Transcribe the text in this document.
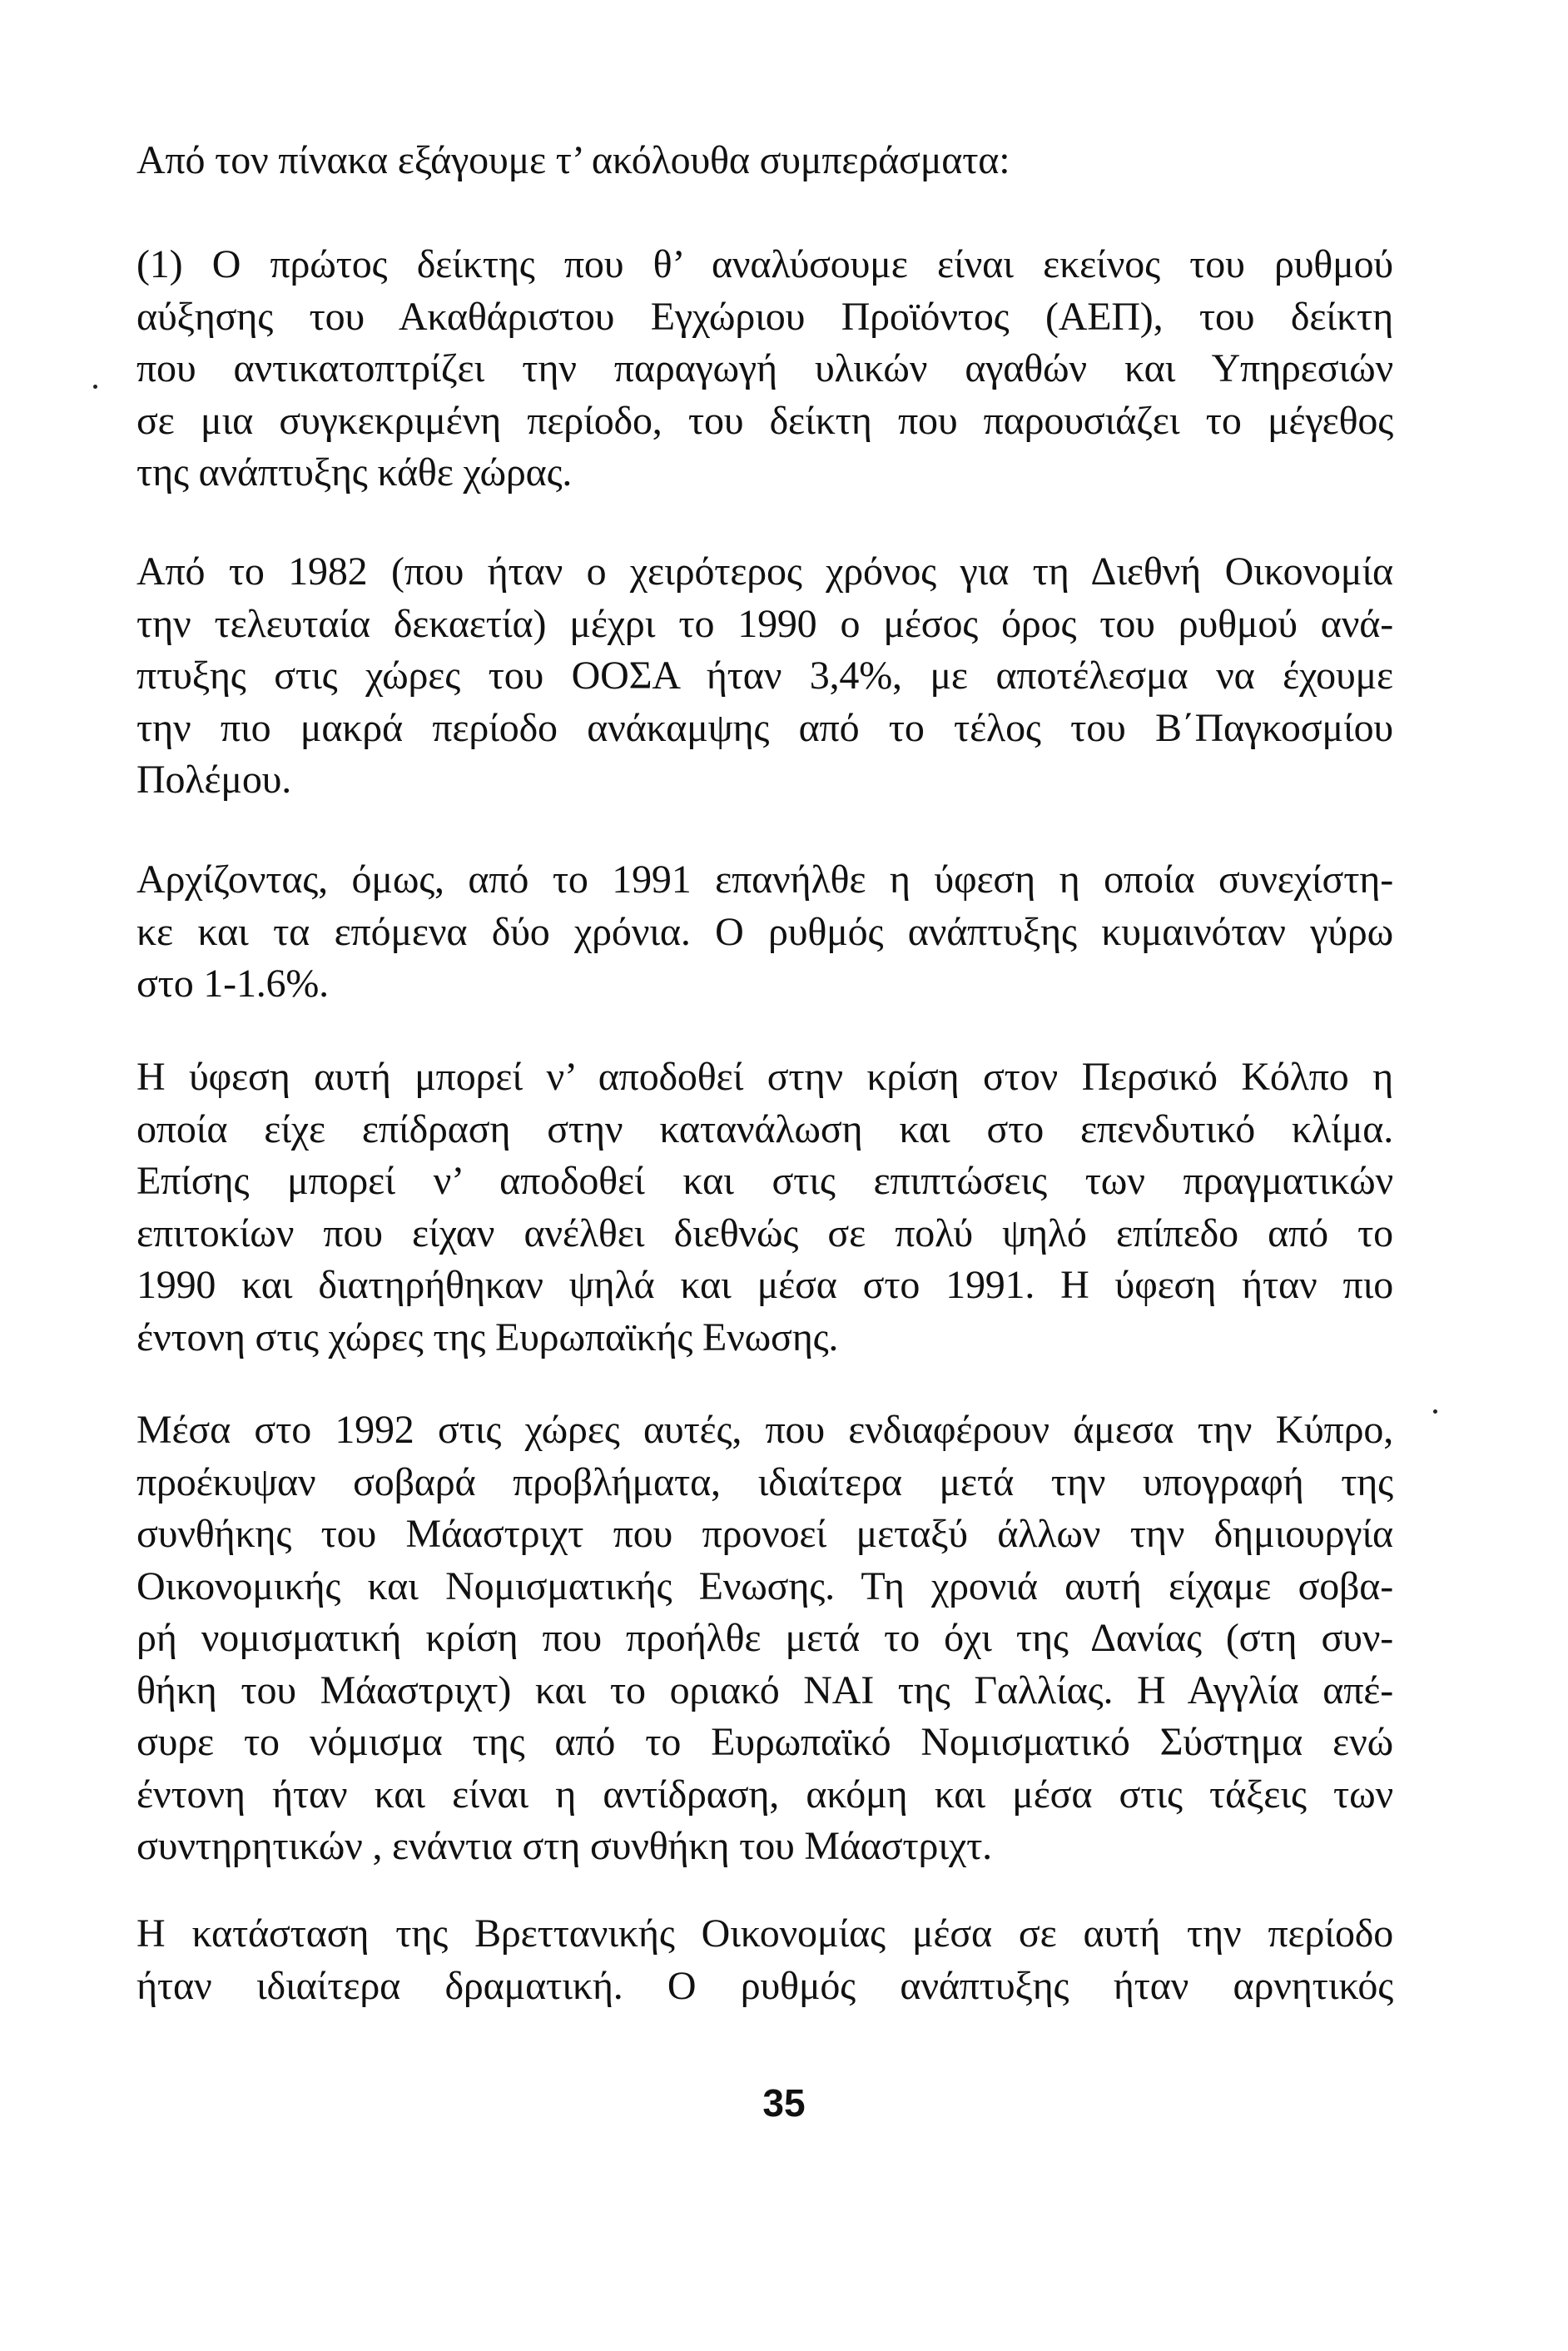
Από τον πίνακα εξάγουμε τ’ ακόλουθα συμπεράσματα:
(1) Ο πρώτος δείκτης που θ’ αναλύσουμε είναι εκείνος του ρυθμού
αύξησης του Ακαθάριστου Εγχώριου Προϊόντος (ΑΕΠ), του δείκτη
που αντικατοπτρίζει την παραγωγή υλικών αγαθών και Υπηρεσιών
σε μια συγκεκριμένη περίοδο, του δείκτη που παρουσιάζει το μέγεθος
της ανάπτυξης κάθε χώρας.
Από το 1982 (που ήταν ο χειρότερος χρόνος για τη Διεθνή Οικονομία
την τελευταία δεκαετία) μέχρι το 1990 ο μέσος όρος του ρυθμού ανά-
πτυξης στις χώρες του ΟΟΣΑ ήταν 3,4%, με αποτέλεσμα να έχουμε
την πιο μακρά περίοδο ανάκαμψης από το τέλος του Β΄Παγκοσμίου
Πολέμου.
Αρχίζοντας, όμως, από το 1991 επανήλθε η ύφεση η οποία συνεχίστη-
κε και τα επόμενα δύο χρόνια. Ο ρυθμός ανάπτυξης κυμαινόταν γύρω
στο 1-1.6%.
Η ύφεση αυτή μπορεί ν’ αποδοθεί στην κρίση στον Περσικό Κόλπο η
οποία είχε επίδραση στην κατανάλωση και στο επενδυτικό κλίμα.
Επίσης μπορεί ν’ αποδοθεί και στις επιπτώσεις των πραγματικών
επιτοκίων που είχαν ανέλθει διεθνώς σε πολύ ψηλό επίπεδο από το
1990 και διατηρήθηκαν ψηλά και μέσα στο 1991. Η ύφεση ήταν πιο
έντονη στις χώρες της Ευρωπαϊκής Ενωσης.
Μέσα στο 1992 στις χώρες αυτές, που ενδιαφέρουν άμεσα την Κύπρο,
προέκυψαν σοβαρά προβλήματα, ιδιαίτερα μετά την υπογραφή της
συνθήκης του Μάαστριχτ που προνοεί μεταξύ άλλων την δημιουργία
Οικονομικής και Νομισματικής Ενωσης. Τη χρονιά αυτή είχαμε σοβα-
ρή νομισματική κρίση που προήλθε μετά το όχι της Δανίας (στη συν-
θήκη του Μάαστριχτ) και το οριακό ΝΑΙ της Γαλλίας. Η Αγγλία απέ-
συρε το νόμισμα της από το Ευρωπαϊκό Νομισματικό Σύστημα ενώ
έντονη ήταν και είναι η αντίδραση, ακόμη και μέσα στις τάξεις των
συντηρητικών , ενάντια στη συνθήκη του Μάαστριχτ.
Η κατάσταση της Βρεττανικής Οικονομίας μέσα σε αυτή την περίοδο
ήταν ιδιαίτερα δραματική. Ο ρυθμός ανάπτυξης ήταν αρνητικός
35
